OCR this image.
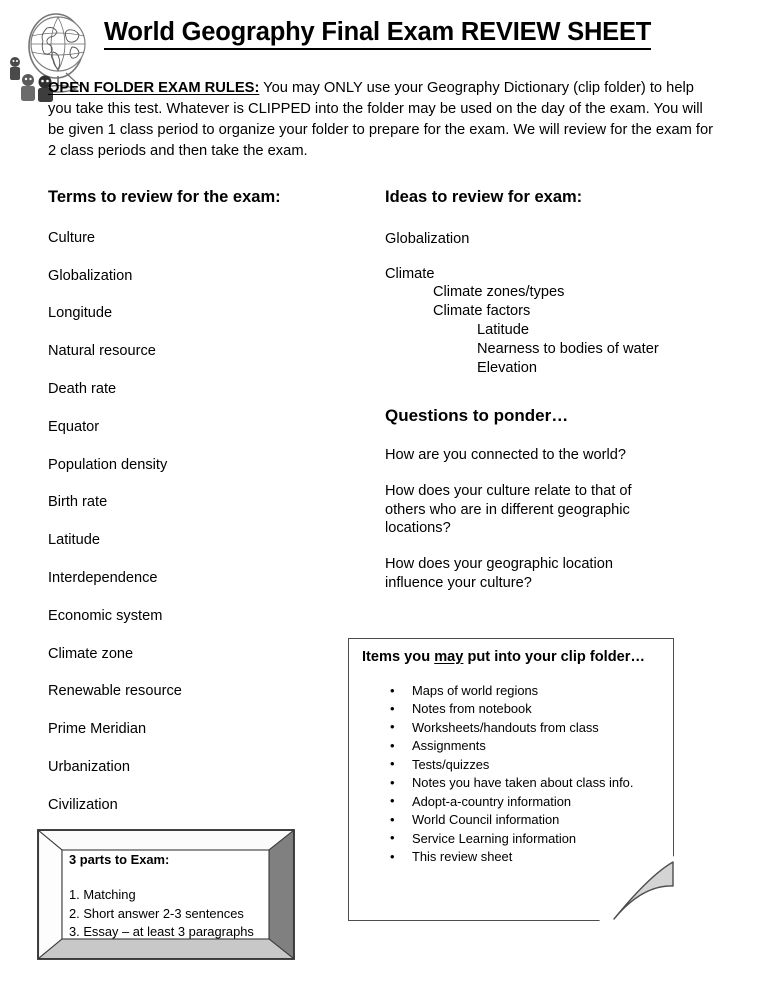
World Geography Final Exam REVIEW SHEET
OPEN FOLDER EXAM RULES: You may ONLY use your Geography Dictionary (clip folder) to help you take this test. Whatever is CLIPPED into the folder may be used on the day of the exam. You will be given 1 class period to organize your folder to prepare for the exam. We will review for the exam for 2 class periods and then take the exam.
Terms to review for the exam:
Culture
Globalization
Longitude
Natural resource
Death rate
Equator
Population density
Birth rate
Latitude
Interdependence
Economic system
Climate zone
Renewable resource
Prime Meridian
Urbanization
Civilization
Ideas to review for exam:
Globalization
Climate
Climate zones/types
Climate factors
Latitude
Nearness to bodies of water
Elevation
Questions to ponder…

How are you connected to the world?

How does your culture relate to that of others who are in different geographic locations?

How does your geographic location influence your culture?

Items you may put into your clip folder…
• Maps of world regions
• Notes from notebook
• Worksheets/handouts from class
• Assignments
• Tests/quizzes
• Notes you have taken about class info.
• Adopt-a-country information
• World Council information
• Service Learning information
• This review sheet
3 parts to Exam:
1. Matching
2. Short answer 2-3 sentences
3. Essay – at least 3 paragraphs
